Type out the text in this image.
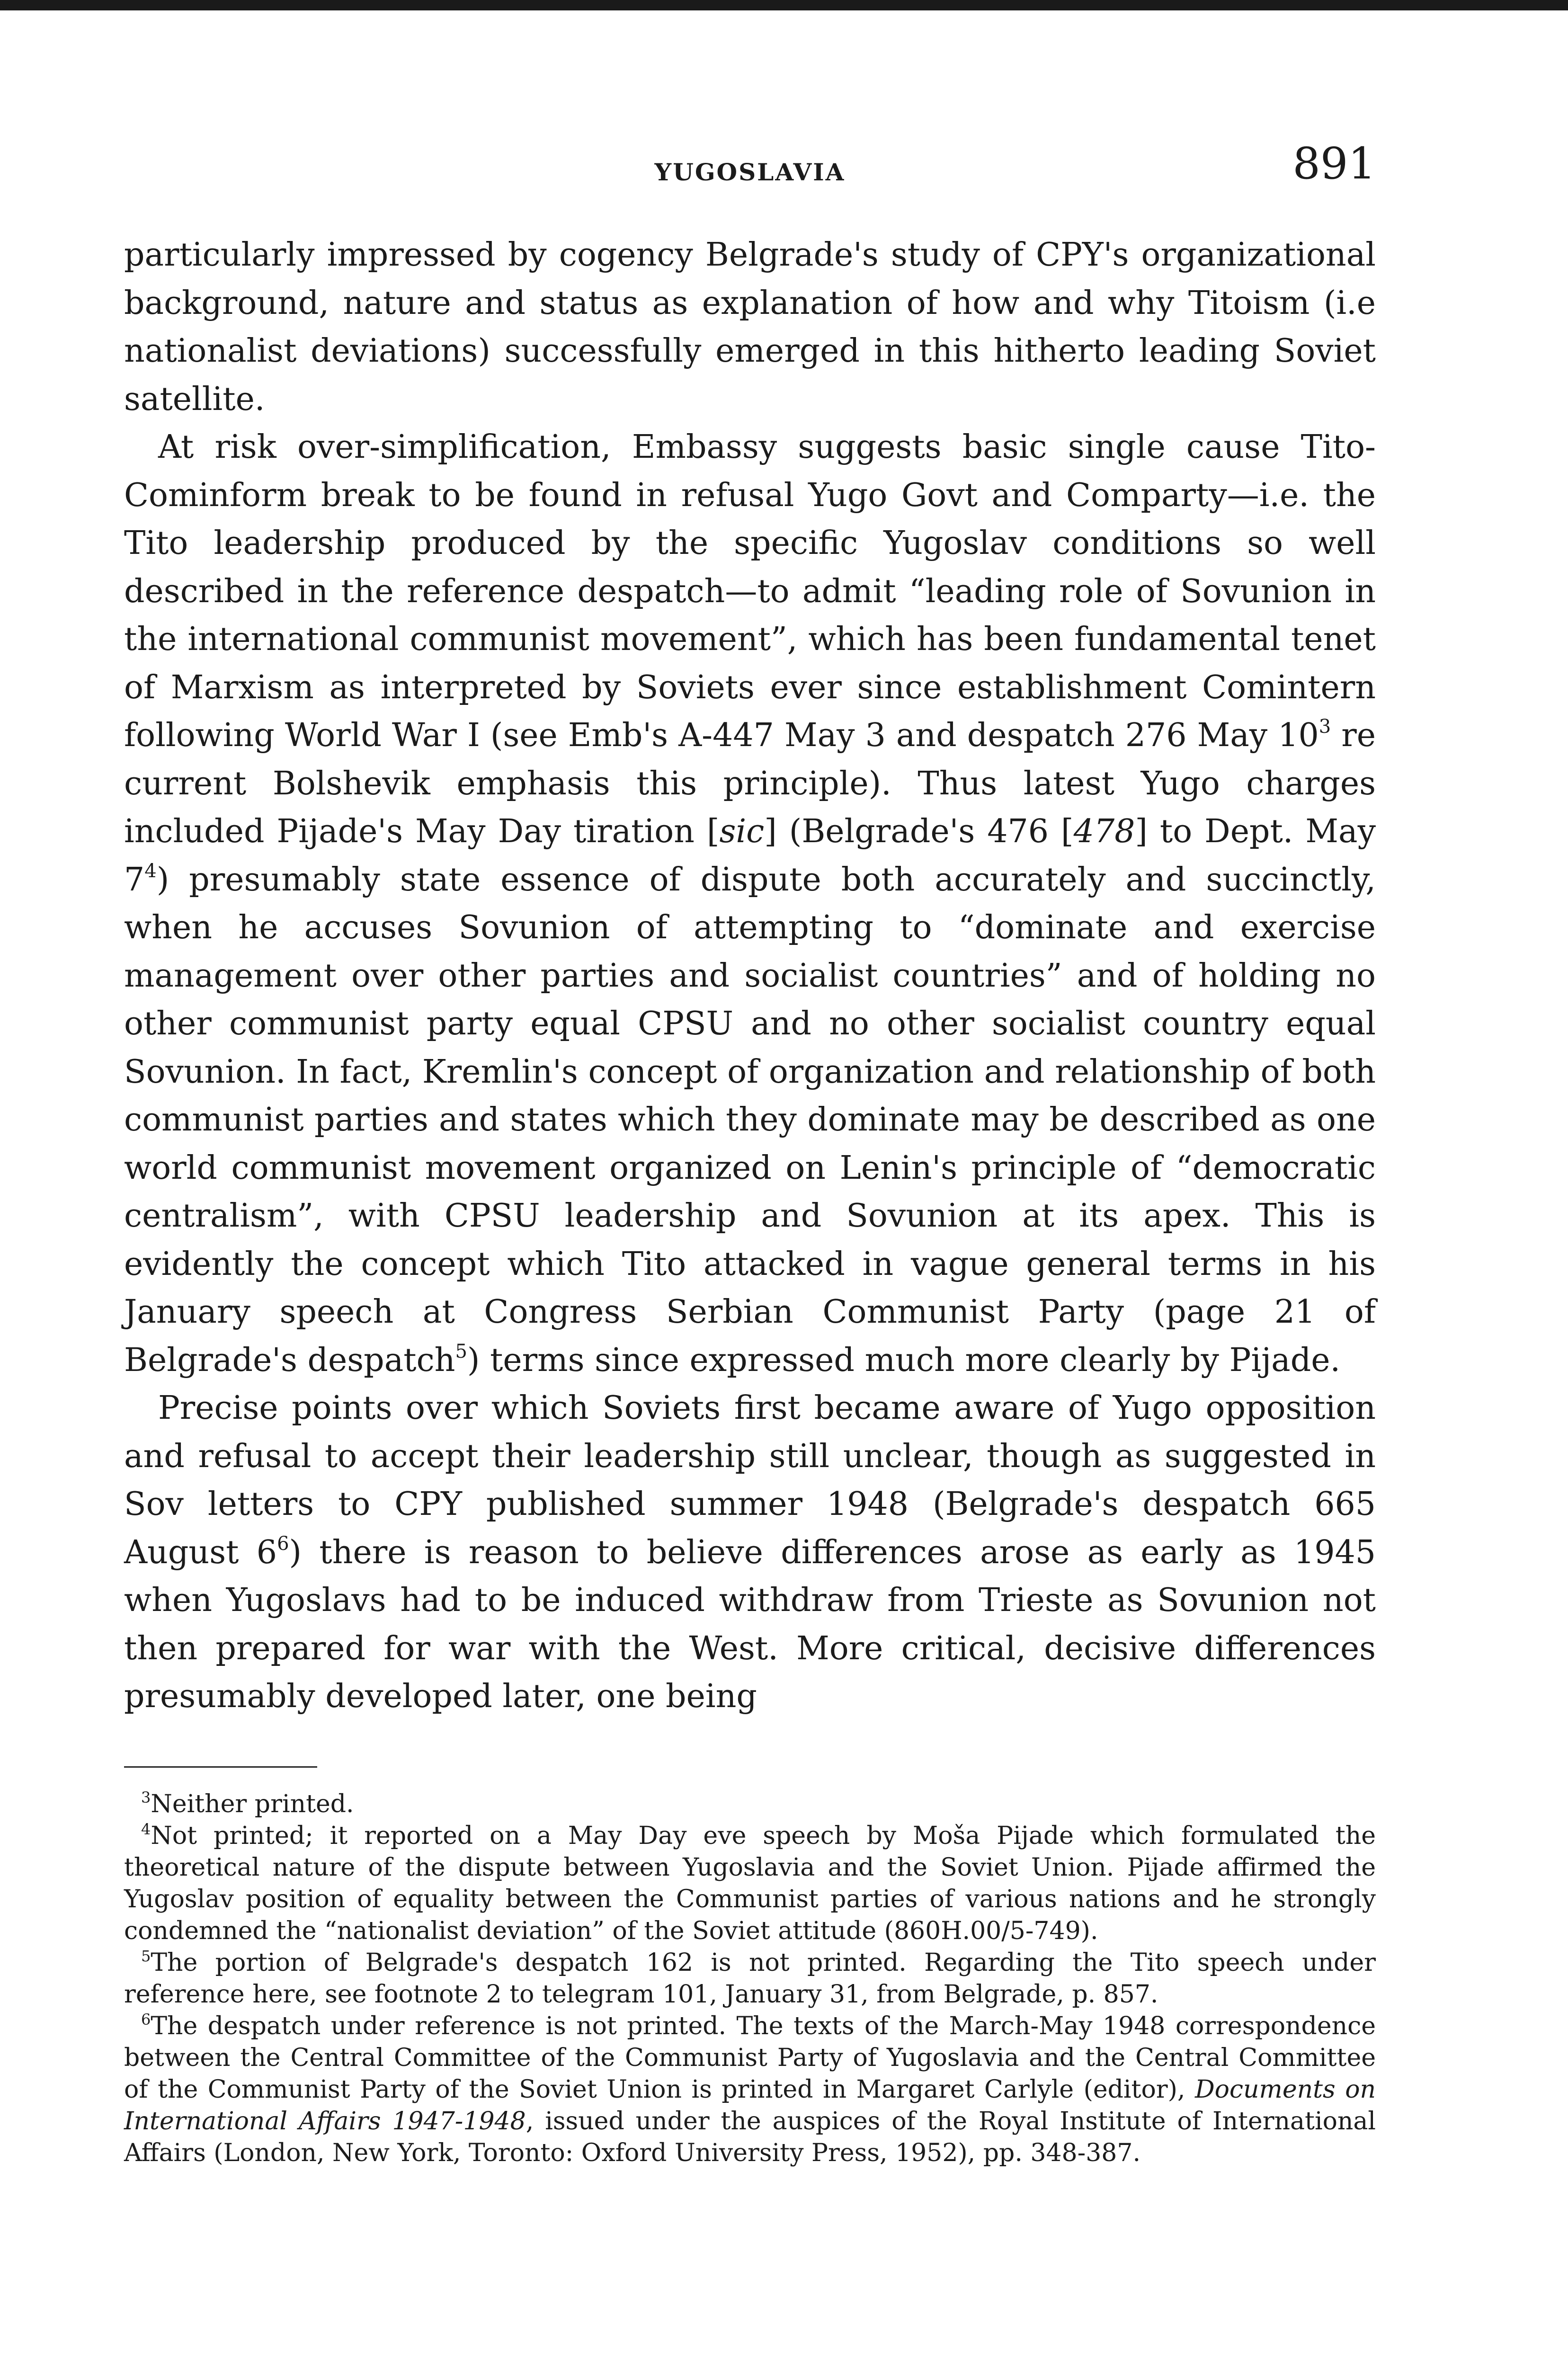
YUGOSLAVIA	891

particularly impressed by cogency Belgrade's study of CPY's organizational background, nature and status as explanation of how and why Titoism (i.e nationalist deviations) successfully emerged in this hitherto leading Soviet satellite.

At risk over-simplification, Embassy suggests basic single cause Tito-Cominform break to be found in refusal Yugo Govt and Comparty—i.e. the Tito leadership produced by the specific Yugoslav conditions so well described in the reference despatch—to admit “leading role of Sovunion in the international communist movement”, which has been fundamental tenet of Marxism as interpreted by Soviets ever since establishment Comintern following World War I (see Emb's A-447 May 3 and despatch 276 May $10^3$ re current Bolshevik emphasis this principle). Thus latest Yugo charges included Pijade's May Day tiration [sic] (Belgrade's 476 [478] to Dept. May $7^4$) presumably state essence of dispute both accurately and succinctly, when he accuses Sovunion of attempting to “dominate and exercise management over other parties and socialist countries” and of holding no other communist party equal CPSU and no other socialist country equal Sovunion. In fact, Kremlin's concept of organization and relationship of both communist parties and states which they dominate may be described as one world communist movement organized on Lenin's principle of “democratic centralism”, with CPSU leadership and Sovunion at its apex. This is evidently the concept which Tito attacked in vague general terms in his January speech at Congress Serbian Communist Party (page 21 of Belgrade's despatch$^5$) terms since expressed much more clearly by Pijade.

Precise points over which Soviets first became aware of Yugo opposition and refusal to accept their leadership still unclear, though as suggested in Sov letters to CPY published summer 1948 (Belgrade's despatch 665 August $6^6$) there is reason to believe differences arose as early as 1945 when Yugoslavs had to be induced withdraw from Trieste as Sovunion not then prepared for war with the West. More critical, decisive differences presumably developed later, one being

$^3$Neither printed.

$^4$Not printed; it reported on a May Day eve speech by Moša Pijade which formulated the theoretical nature of the dispute between Yugoslavia and the Soviet Union. Pijade affirmed the Yugoslav position of equality between the Communist parties of various nations and he strongly condemned the “nationalist deviation” of the Soviet attitude (860H.00/5-749).

$^5$The portion of Belgrade's despatch 162 is not printed. Regarding the Tito speech under reference here, see footnote 2 to telegram 101, January 31, from Belgrade, p. 857.

$^6$The despatch under reference is not printed. The texts of the March-May 1948 correspondence between the Central Committee of the Communist Party of Yugoslavia and the Central Committee of the Communist Party of the Soviet Union is printed in Margaret Carlyle (editor), Documents on International Affairs 1947-1948, issued under the auspices of the Royal Institute of International Affairs (London, New York, Toronto: Oxford University Press, 1952), pp. 348-387.
